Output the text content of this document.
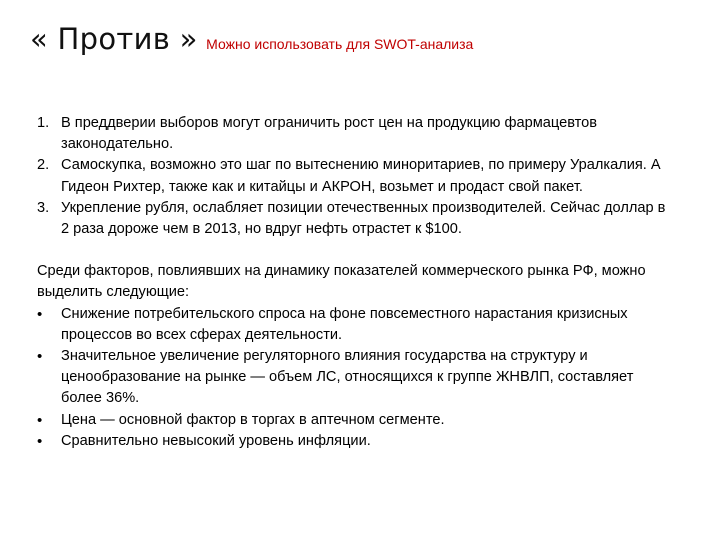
« Против » Можно использовать для SWOT-анализа
1. В преддверии выборов могут ограничить рост цен на продукцию фармацевтов законодательно.
2. Самоскупка, возможно это шаг по вытеснению миноритариев, по примеру Уралкалия. А Гидеон Рихтер, также как и китайцы и АКРОН, возьмет и продаст свой пакет.
3. Укрепление рубля, ослабляет позиции отечественных производителей. Сейчас доллар в 2 раза дороже чем в 2013, но вдруг нефть отрастет к $100.
Среди факторов, повлиявших на динамику показателей коммерческого рынка РФ, можно выделить следующие:
• Снижение потребительского спроса на фоне повсеместного нарастания кризисных процессов во всех сферах деятельности.
• Значительное увеличение регуляторного влияния государства на структуру и ценообразование на рынке — объем ЛС, относящихся к группе ЖНВЛП, составляет более 36%.
• Цена — основной фактор в торгах в аптечном сегменте.
• Сравнительно невысокий уровень инфляции.
